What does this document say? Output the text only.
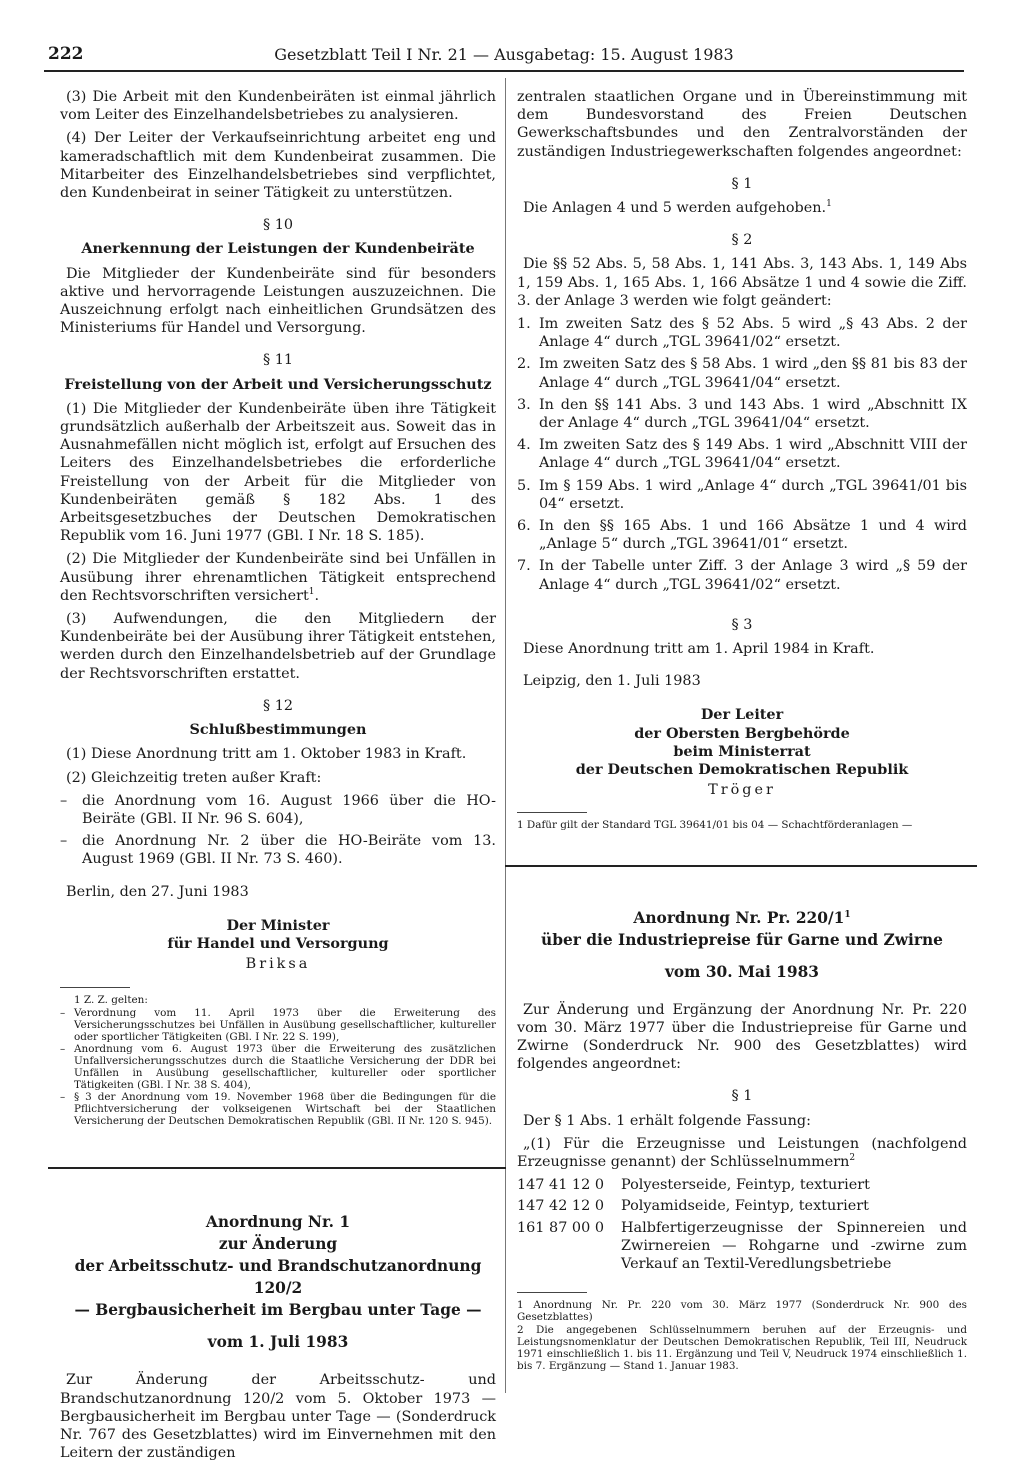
222	Gesetzblatt Teil I Nr. 21 — Ausgabetag: 15. August 1983

(3) Die Arbeit mit den Kundenbeiräten ist einmal jährlich vom Leiter des Einzelhandelsbetriebes zu analysieren.

(4) Der Leiter der Verkaufseinrichtung arbeitet eng und kameradschaftlich mit dem Kundenbeirat zusammen. Die Mitarbeiter des Einzelhandelsbetriebes sind verpflichtet, den Kundenbeirat in seiner Tätigkeit zu unterstützen.

§ 10
Anerkennung der Leistungen der Kundenbeiräte

Die Mitglieder der Kundenbeiräte sind für besonders aktive und hervorragende Leistungen auszuzeichnen. Die Auszeichnung erfolgt nach einheitlichen Grundsätzen des Ministeriums für Handel und Versorgung.

§ 11
Freistellung von der Arbeit und Versicherungsschutz

(1) Die Mitglieder der Kundenbeiräte üben ihre Tätigkeit grundsätzlich außerhalb der Arbeitszeit aus. Soweit das in Ausnahmefällen nicht möglich ist, erfolgt auf Ersuchen des Leiters des Einzelhandelsbetriebes die erforderliche Freistellung von der Arbeit für die Mitglieder von Kundenbeiräten gemäß § 182 Abs. 1 des Arbeitsgesetzbuches der Deutschen Demokratischen Republik vom 16. Juni 1977 (GBl. I Nr. 18 S. 185).

(2) Die Mitglieder der Kundenbeiräte sind bei Unfällen in Ausübung ihrer ehrenamtlichen Tätigkeit entsprechend den Rechtsvorschriften versichert$^1$.

(3) Aufwendungen, die den Mitgliedern der Kundenbeiräte bei der Ausübung ihrer Tätigkeit entstehen, werden durch den Einzelhandelsbetrieb auf der Grundlage der Rechtsvorschriften erstattet.

§ 12
Schlußbestimmungen

(1) Diese Anordnung tritt am 1. Oktober 1983 in Kraft.

(2) Gleichzeitig treten außer Kraft:

–	die Anordnung vom 16. August 1966 über die HO-Beiräte (GBl. II Nr. 96 S. 604),
–	die Anordnung Nr. 2 über die HO-Beiräte vom 13. August 1969 (GBl. II Nr. 73 S. 460).

Berlin, den 27. Juni 1983

Der Minister

für Handel und Versorgung

Briksa

1 Z. Z. gelten:

– Verordnung vom 11. April 1973 über die Erweiterung des Versicherungsschutzes bei Unfällen in Ausübung gesellschaftlicher, kultureller oder sportlicher Tätigkeiten (GBl. I Nr. 22 S. 199),
– Anordnung vom 6. August 1973 über die Erweiterung des zusätzlichen Unfallversicherungsschutzes durch die Staatliche Versicherung der DDR bei Unfällen in Ausübung gesellschaftlicher, kultureller oder sportlicher Tätigkeiten (GBl. I Nr. 38 S. 404),
– § 3 der Anordnung vom 19. November 1968 über die Bedingungen für die Pflichtversicherung der volkseigenen Wirtschaft bei der Staatlichen Versicherung der Deutschen Demokratischen Republik (GBl. II Nr. 120 S. 945).

Anordnung Nr. 1

zur Änderung

der Arbeitsschutz- und Brandschutzanordnung 120/2

— Bergbausicherheit im Bergbau unter Tage —

vom 1. Juli 1983

Zur Änderung der Arbeitsschutz- und Brandschutzanordnung 120/2 vom 5. Oktober 1973 — Bergbausicherheit im Bergbau unter Tage — (Sonderdruck Nr. 767 des Gesetzblattes) wird im Einvernehmen mit den Leitern der zuständigen

zentralen staatlichen Organe und in Übereinstimmung mit dem Bundesvorstand des Freien Deutschen Gewerkschaftsbundes und den Zentralvorständen der zuständigen Industriegewerkschaften folgendes angeordnet:

§ 1

Die Anlagen 4 und 5 werden aufgehoben.$^1$

§ 2

Die §§ 52 Abs. 5, 58 Abs. 1, 141 Abs. 3, 143 Abs. 1, 149 Abs 1, 159 Abs. 1, 165 Abs. 1, 166 Absätze 1 und 4 sowie die Ziff. 3. der Anlage 3 werden wie folgt geändert:

1. Im zweiten Satz des § 52 Abs. 5 wird „§ 43 Abs. 2 der Anlage 4“ durch „TGL 39641/02“ ersetzt.
2. Im zweiten Satz des § 58 Abs. 1 wird „den §§ 81 bis 83 der Anlage 4“ durch „TGL 39641/04“ ersetzt.
3. In den §§ 141 Abs. 3 und 143 Abs. 1 wird „Abschnitt IX der Anlage 4“ durch „TGL 39641/04“ ersetzt.
4. Im zweiten Satz des § 149 Abs. 1 wird „Abschnitt VIII der Anlage 4“ durch „TGL 39641/04“ ersetzt.
5. Im § 159 Abs. 1 wird „Anlage 4“ durch „TGL 39641/01 bis 04“ ersetzt.
6. In den §§ 165 Abs. 1 und 166 Absätze 1 und 4 wird „Anlage 5“ durch „TGL 39641/01“ ersetzt.
7. In der Tabelle unter Ziff. 3 der Anlage 3 wird „§ 59 der Anlage 4“ durch „TGL 39641/02“ ersetzt.
§ 3

Diese Anordnung tritt am 1. April 1984 in Kraft.

Leipzig, den 1. Juli 1983

Der Leiter

der Obersten Bergbehörde

beim Ministerrat

der Deutschen Demokratischen Republik

Tröger

1 Dafür gilt der Standard TGL 39641/01 bis 04 — Schachtförderanlagen —

Anordnung Nr. Pr. $220/1^1$

über die Industriepreise für Garne und Zwirne

vom 30. Mai 1983

Zur Änderung und Ergänzung der Anordnung Nr. Pr. 220 vom 30. März 1977 über die Industriepreise für Garne und Zwirne (Sonderdruck Nr. 900 des Gesetzblattes) wird folgendes angeordnet:

§ 1

Der § 1 Abs. 1 erhält folgende Fassung:

„(1) Für die Erzeugnisse und Leistungen (nachfolgend Erzeugnisse genannt) der Schlüsselnummern$^2$

147 41 12 0	Polyesterseide, Feintyp, texturiert
147 42 12 0	Polyamidseide, Feintyp, texturiert
161 87 00 0	Halbfertigerzeugnisse der Spinnereien und Zwirnereien — Rohgarne und -zwirne zum Verkauf an Textil-Veredlungsbetriebe

1 Anordnung Nr. Pr. 220 vom 30. März 1977 (Sonderdruck Nr. 900 des Gesetzblattes)

2 Die angegebenen Schlüsselnummern beruhen auf der Erzeugnis- und Leistungsnomenklatur der Deutschen Demokratischen Republik, Teil III, Neudruck 1971 einschließlich 1. bis 11. Ergänzung und Teil V, Neudruck 1974 einschließlich 1. bis 7. Ergänzung — Stand 1. Januar 1983.
